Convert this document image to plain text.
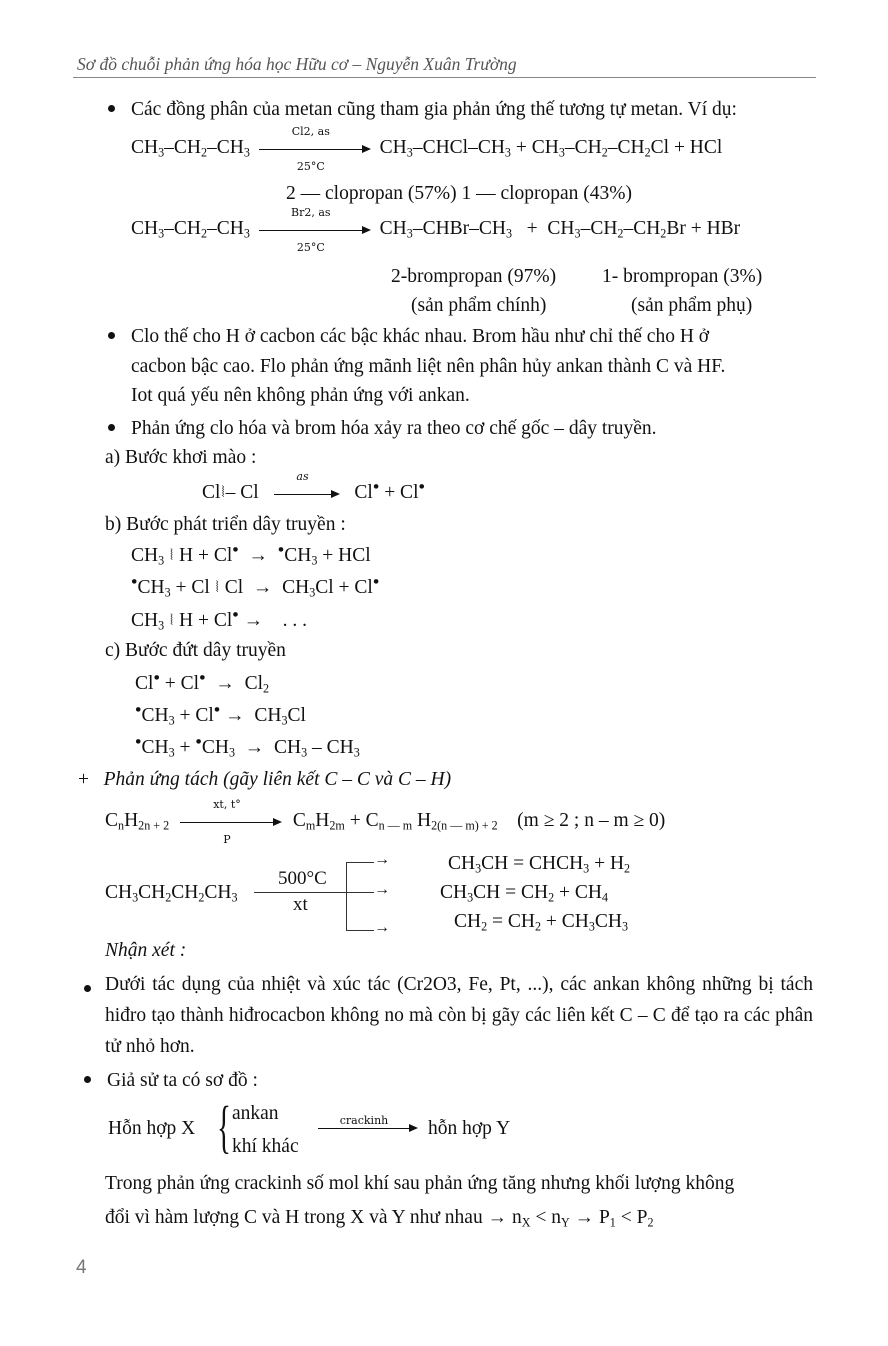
Sơ đồ chuỗi phản ứng hóa học Hữu cơ – Nguyễn Xuân Trường
Các đồng phân của metan cũng tham gia phản ứng thế tương tự metan. Ví dụ:
$CH_3-CH_2-CH_3 \frac{Cl2, as}{25^\circ C}$ $CH_3-CHCl-CH_3 + CH_3-CH_2-CH_2Cl$ + HCl
2 — clopropan (57%) 1 — clopropan (43%)
$CH_3-CH_2-CH_3 \frac{Br2, as}{25^\circ C}$ $CH_3-CHBr-CH_3 + CH_3-CH_2-CH_2Br$ + HBr
2-brompropan (97%) 1- brompropan (3%)
(sản phẩm chính)	(sản phẩm phụ)
Clo thế cho H ở cacbon các bậc khác nhau. Brom hầu như chỉ thế cho H ở
cacbon bậc cao. Flo phản ứng mãnh liệt nên phân hủy ankan thành C và HF.
Iot quá yếu nên không phản ứng với ankan.
Phản ứng clo hóa và brom hóa xảy ra theo cơ chế gốc – dây truyền.
a) Bước khơi mào :
Cl⦚– Cl
as
Cl● + Cl●
b) Bước phát triển dây truyền :
$CH_3$ ⦚ $H + Cl^● \to ^●CH_3$ + HCl
$^●CH_3 + Cl$ ⦚ $Cl \to CH_3Cl + Cl^●$
$CH_3$ ⦚ H + Cl● →    . . .
c) Bước đứt dây truyền
$Cl^● + Cl^● \to Cl_2$
$^●CH_3 + Cl^● \to CH_3Cl$
$^●CH_3 + ^●CH_3 \to CH_3 - CH_3$
+ Phản ứng tách (gãy liên kết C – C và C – H)
$C_nH_{2n + 2} \frac{xt, t^\circ}{P} C_mH_{2m} + C_{n — m}$ $H_{2(n — m) + 2}$ (m ≥ 2 ; n – m ≥ 0)
$CH_3CH_2CH_2CH_3$
500°C
xt
→
→
→
$CH_3CH$ = $CHCH_3 + H_2$
$CH_3CH = CH_2 + CH_4$
$CH_2 = CH_2 + CH_3CH_3$
Nhận xét :
Dưới tác dụng của nhiệt và xúc tác (Cr2O3, Fe, Pt, ...), các ankan không những bị tách hiđro tạo thành hiđrocacbon không no mà còn bị gãy các liên kết C – C để tạo ra các phân tử nhỏ hơn.
Giả sử ta có sơ đồ :
Hỗn hợp X { ankan
khí khác
crackinh	hỗn hợp Y
Trong phản ứng crackinh số mol khí sau phản ứng tăng nhưng khối lượng không
đổi vì hàm lượng C và H trong X và Y như nhau → $n_X < n_Y \to P_1 < P_2$
4
